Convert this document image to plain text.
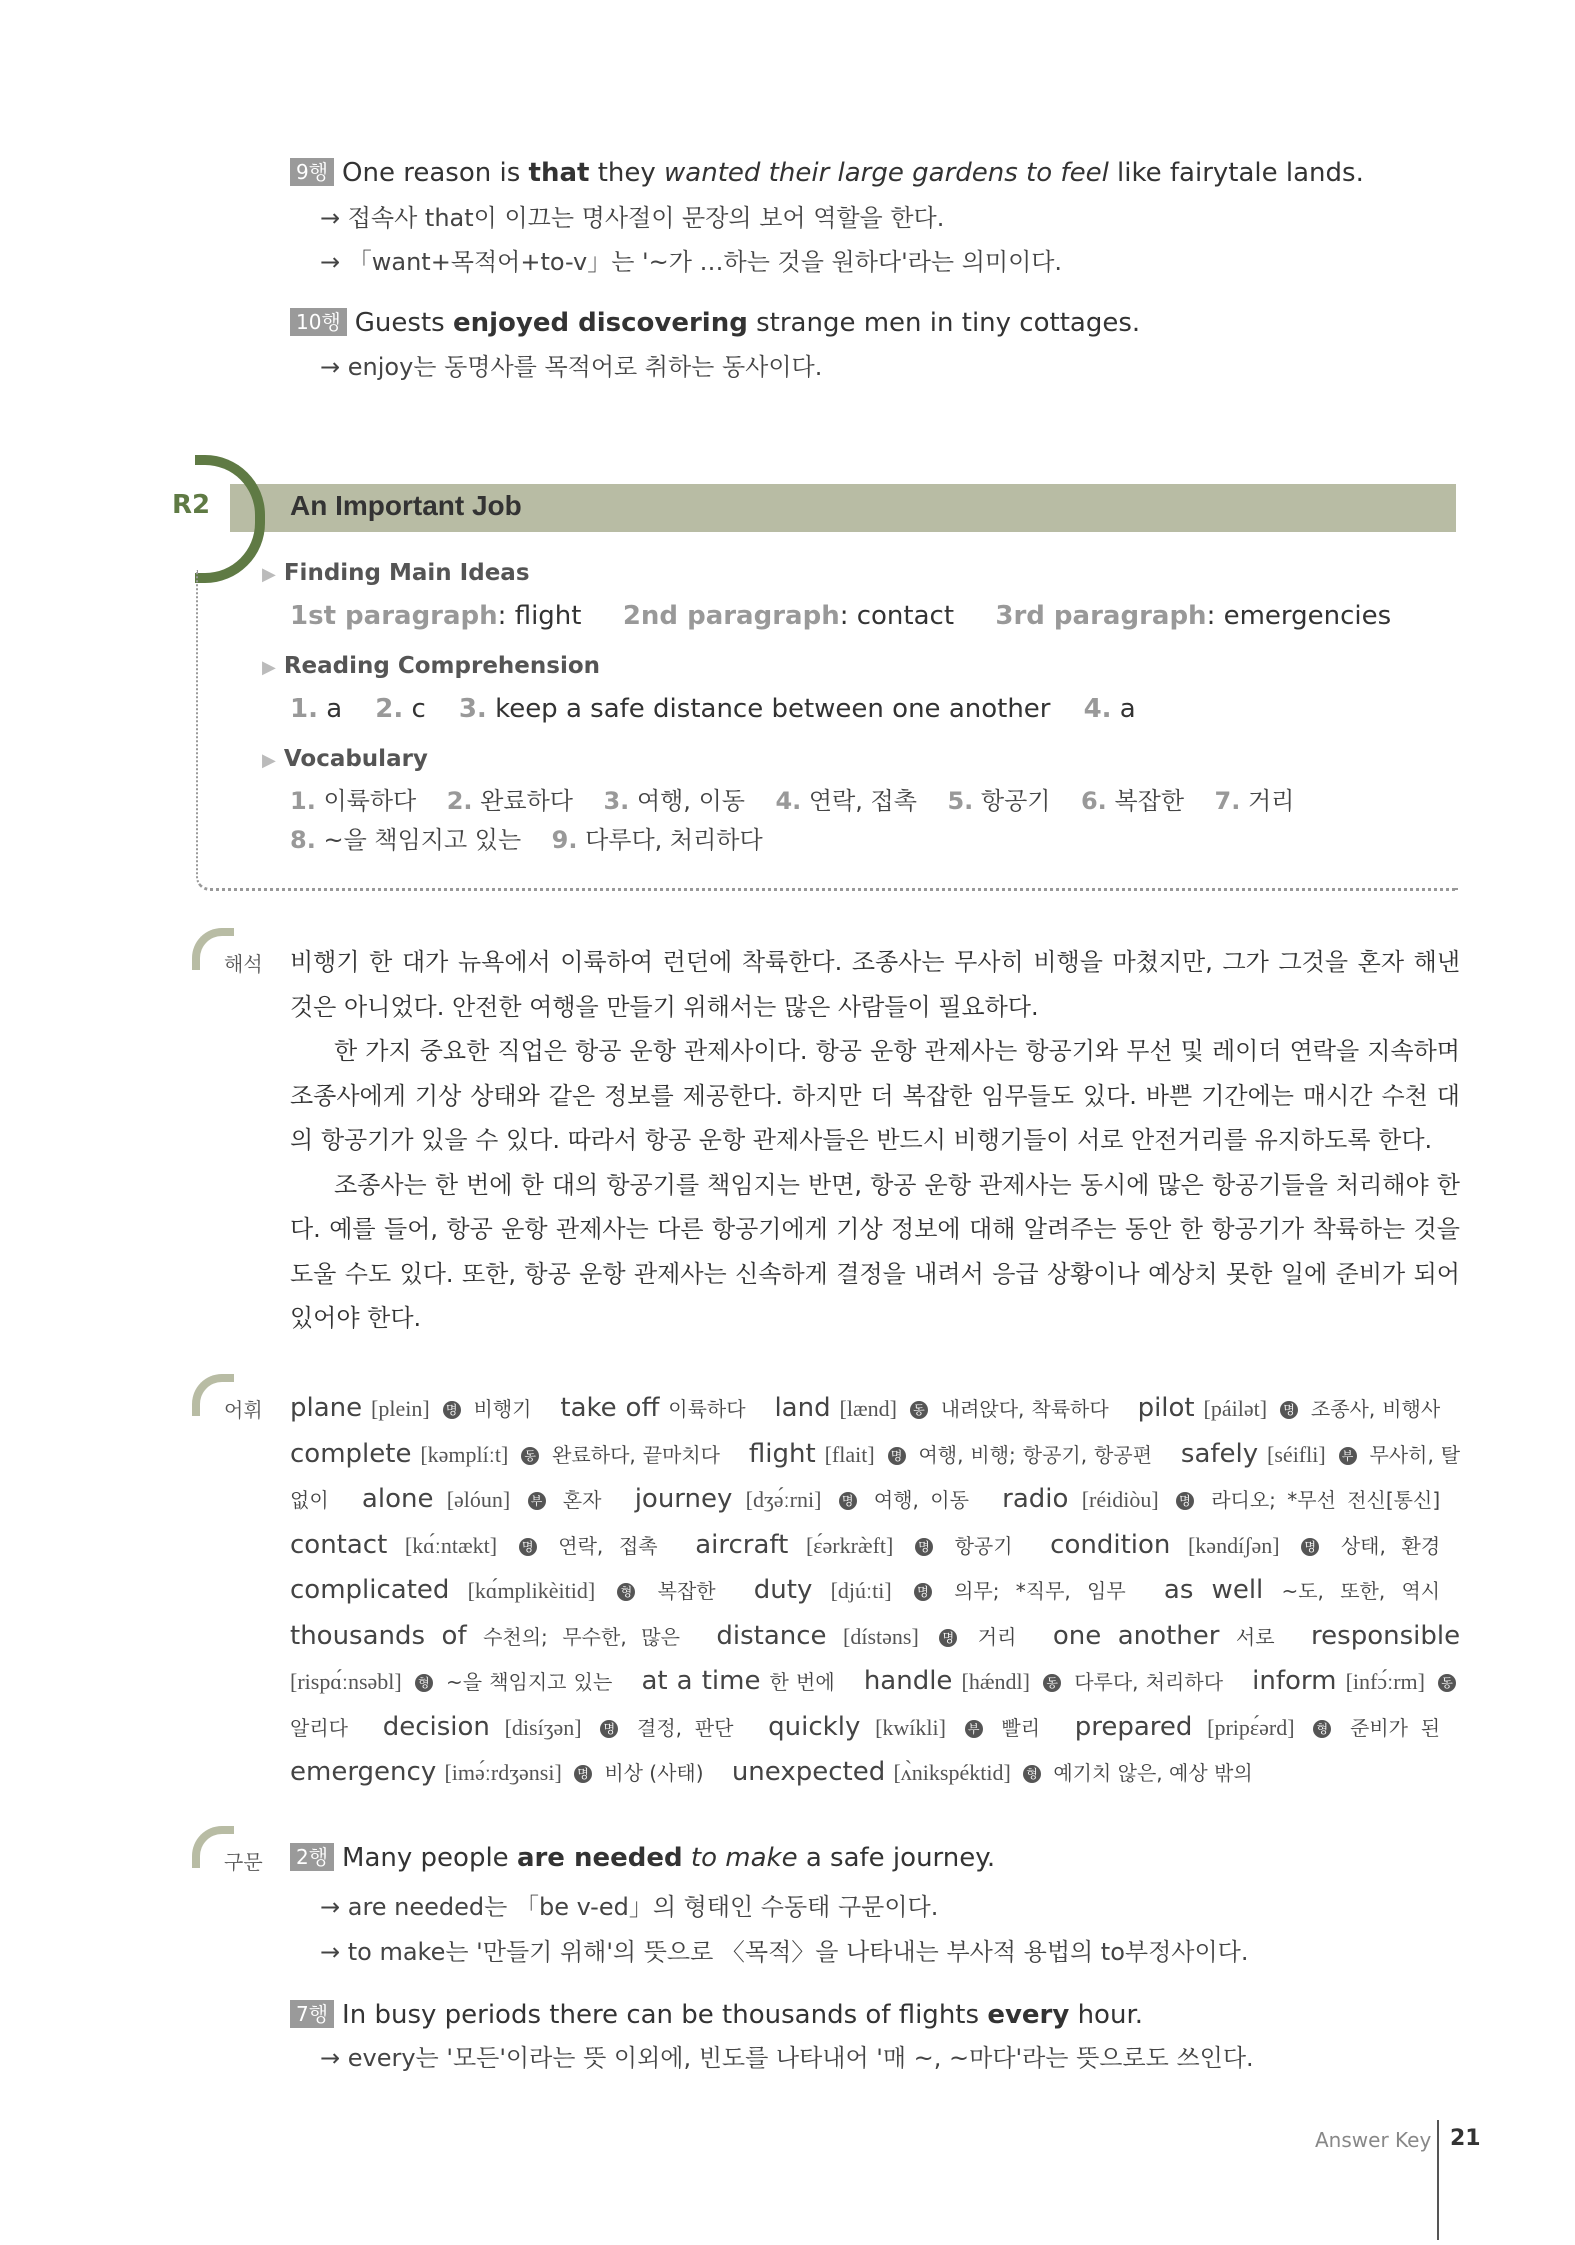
9행 One reason is that they wanted their large gardens to feel like fairytale lands.
→ 접속사 that이 이끄는 명사절이 문장의 보어 역할을 한다.
→ 「want+목적어+to-v」는 '~가 …하는 것을 원하다'라는 의미이다.
10행 Guests enjoyed discovering strange men in tiny cottages.
→ enjoy는 동명사를 목적어로 취하는 동사이다.
R2	An Important Job
▶ Finding Main Ideas
1st paragraph: flight 2nd paragraph: contact 3rd paragraph: emergencies
▶ Reading Comprehension
1. a 2. c 3. keep a safe distance between one another 4. a
▶ Vocabulary
1. 이륙하다 2. 완료하다 3. 여행, 이동 4. 연락, 접촉 5. 항공기 6. 복잡한 7. 거리
8. ~을 책임지고 있는 9. 다루다, 처리하다
해석 비행기 한 대가 뉴욕에서 이륙하여 런던에 착륙한다. 조종사는 무사히 비행을 마쳤지만, 그가 그것을 혼자 해낸 것은 아니었다. 안전한 여행을 만들기 위해서는 많은 사람들이 필요하다.

한 가지 중요한 직업은 항공 운항 관제사이다. 항공 운항 관제사는 항공기와 무선 및 레이더 연락을 지속하며 조종사에게 기상 상태와 같은 정보를 제공한다. 하지만 더 복잡한 임무들도 있다. 바쁜 기간에는 매시간 수천 대의 항공기가 있을 수 있다. 따라서 항공 운항 관제사들은 반드시 비행기들이 서로 안전거리를 유지하도록 한다.

조종사는 한 번에 한 대의 항공기를 책임지는 반면, 항공 운항 관제사는 동시에 많은 항공기들을 처리해야 한다. 예를 들어, 항공 운항 관제사는 다른 항공기에게 기상 정보에 대해 알려주는 동안 한 항공기가 착륙하는 것을 도울 수도 있다. 또한, 항공 운항 관제사는 신속하게 결정을 내려서 응급 상황이나 예상치 못한 일에 준비가 되어 있어야 한다.

어휘 plane [plein] 명 비행기 take off 이륙하다 land [lænd] 동 내려앉다, 착륙하다 pilot [páilət] 명 조종사, 비행사 complete [kəmplíːt] 동 완료하다, 끝마치다 flight [flait] 명 여행, 비행; 항공기, 항공편 safely [séifli] 부 무사히, 탈 없이 alone [əlóun] 부 혼자 journey [dʒə́ːrni] 명 여행, 이동 radio [réidiòu] 명 라디오; *무선 전신[통신] contact [kɑ́ːntækt] 명 연락, 접촉 aircraft [ɛ́ərkræ̀ft] 명 항공기 condition [kəndíʃən] 명 상태, 환경 complicated [kɑ́mplikèitid] 형 복잡한 duty [djúːti] 명 의무; *직무, 임무 as well ~도, 또한, 역시 thousands of 수천의; 무수한, 많은 distance [dístəns] 명 거리 one another 서로 responsible [rispɑ́ːnsəbl] 형 ~을 책임지고 있는 at a time 한 번에 handle [hǽndl] 동 다루다, 처리하다 inform [infɔ́ːrm] 동 알리다 decision [disíʒən] 명 결정, 판단 quickly [kwíkli] 부 빨리 prepared [pripɛ́ərd] 형 준비가 된 emergency [imə́ːrdʒənsi] 명 비상 (사태) unexpected [ʌ̀nikspéktid] 형 예기치 않은, 예상 밖의
구문	2행 Many people are needed to make a safe journey.
→ are needed는 「be v-ed」의 형태인 수동태 구문이다.
→ to make는 '만들기 위해'의 뜻으로 〈목적〉을 나타내는 부사적 용법의 to부정사이다.
7행 In busy periods there can be thousands of flights every hour.
→ every는 '모든'이라는 뜻 이외에, 빈도를 나타내어 '매 ~, ~마다'라는 뜻으로도 쓰인다.
Answer Key 21
